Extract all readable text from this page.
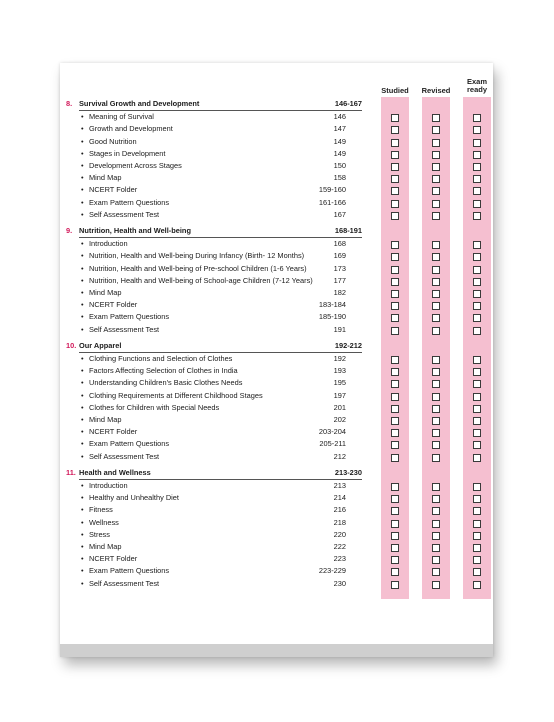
Studied	Revised
Exam
ready
8. Survival Growth and Development	146-167
• Meaning of Survival	146
• Growth and Development	147
• Good Nutrition	149
• Stages in Development	149
• Development Across Stages	150
• Mind Map	158
• NCERT Folder	159-160
• Exam Pattern Questions	161-166
• Self Assessment Test	167
9. Nutrition, Health and Well-being	168-191
• Introduction	168
• Nutrition, Health and Well-being During Infancy (Birth- 12 Months)	169
• Nutrition, Health and Well-being of Pre-school Children (1-6 Years)	173
• Nutrition, Health and Well-being of School-age Children (7-12 Years)	177
• Mind Map	182
• NCERT Folder	183-184
• Exam Pattern Questions	185-190
• Self Assessment Test	191
10. Our Apparel	192-212
• Clothing Functions and Selection of Clothes	192
• Factors Affecting Selection of Clothes in India	193
• Understanding Children's Basic Clothes Needs	195
• Clothing Requirements at Different Childhood Stages	197
• Clothes for Children with Special Needs	201
• Mind Map	202
• NCERT Folder	203-204
• Exam Pattern Questions	205-211
• Self Assessment Test	212
11. Health and Wellness	213-230
• Introduction	213
• Healthy and Unhealthy Diet	214
• Fitness	216
• Wellness	218
• Stress	220
• Mind Map	222
• NCERT Folder	223
• Exam Pattern Questions	223-229
• Self Assessment Test	230
